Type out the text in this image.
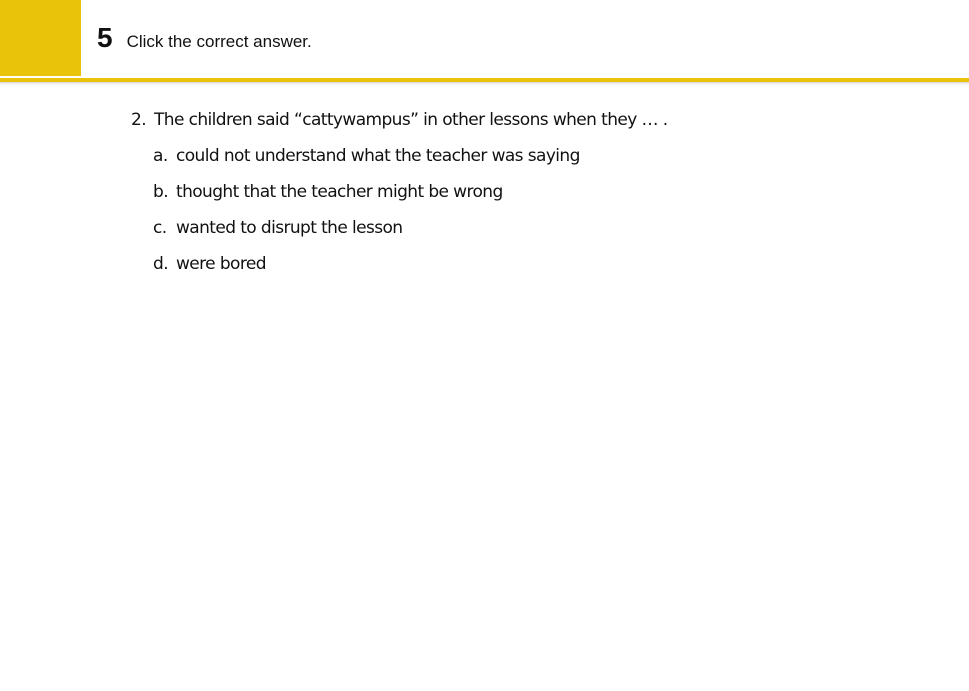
5 Click the correct answer.
2. The children said “cattywampus” in other lessons when they … .
a. could not understand what the teacher was saying
b. thought that the teacher might be wrong
c. wanted to disrupt the lesson
d. were bored
